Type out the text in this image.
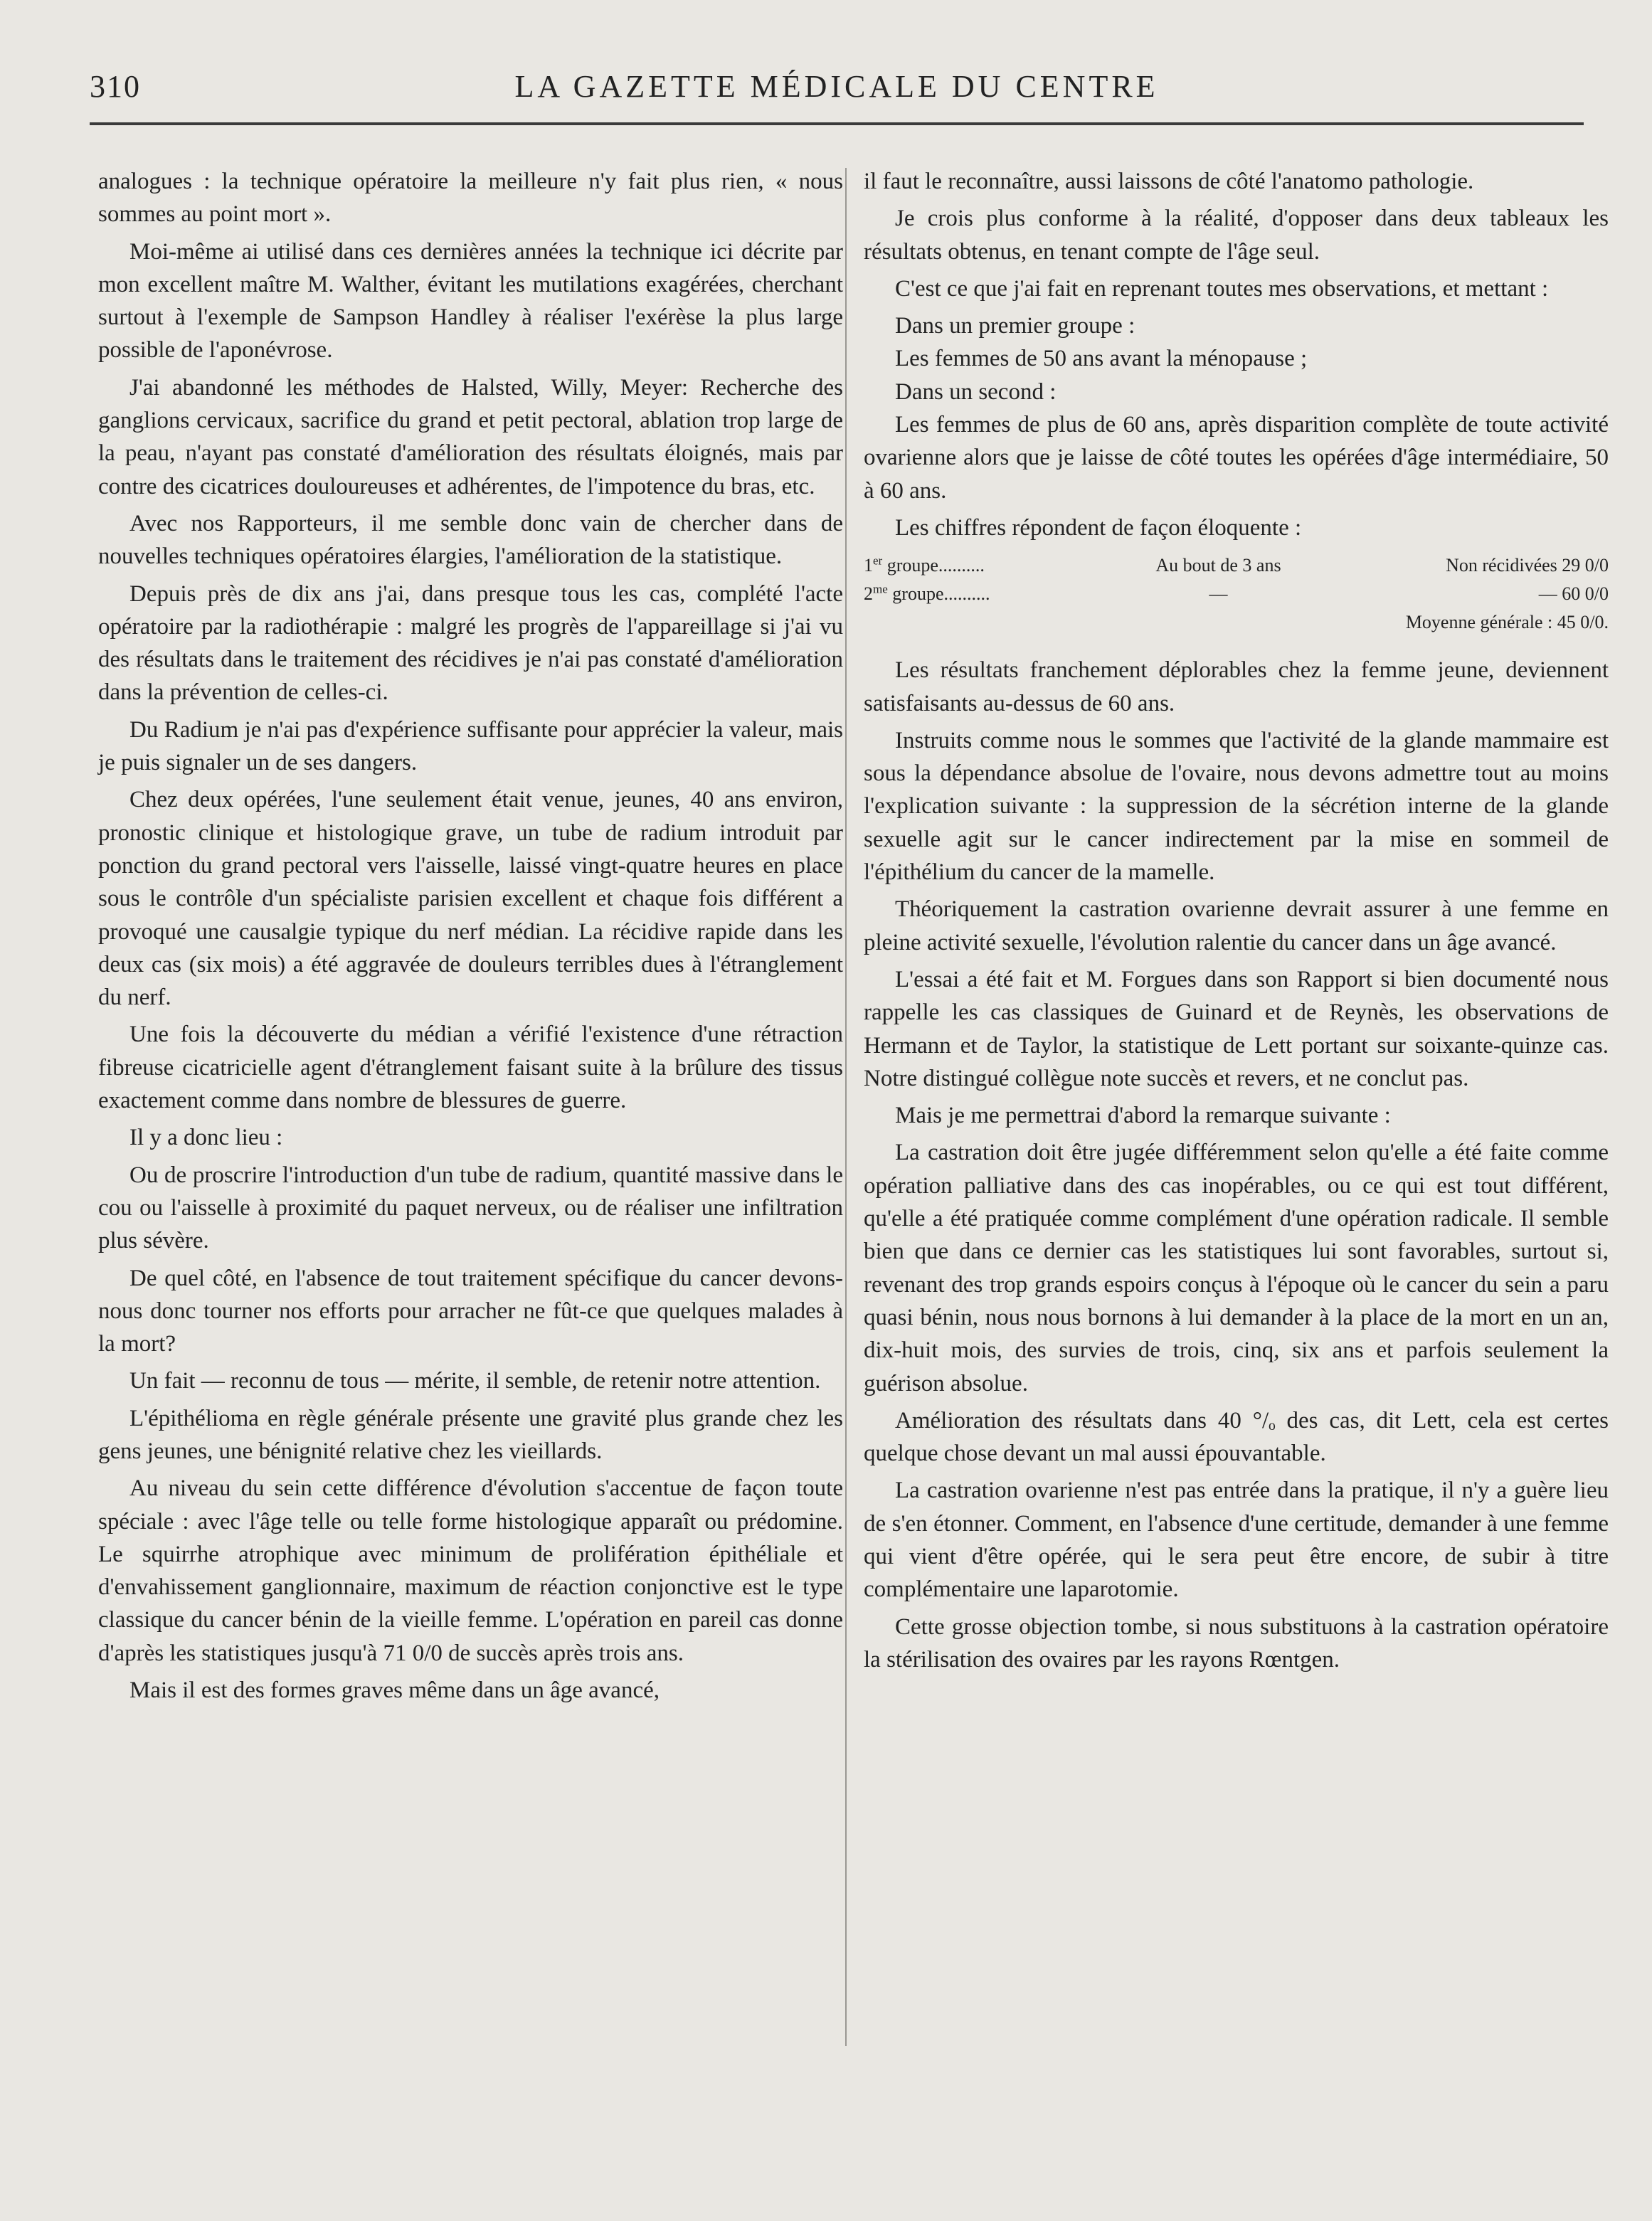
310	LA GAZETTE MÉDICALE DU CENTRE

analogues : la technique opératoire la meilleure n'y fait plus rien, « nous sommes au point mort ».

Moi-même ai utilisé dans ces dernières années la technique ici décrite par mon excellent maître M. Walther, évitant les mutilations exagérées, cherchant surtout à l'exemple de Sampson Handley à réaliser l'exérèse la plus large possible de l'aponévrose.

J'ai abandonné les méthodes de Halsted, Willy, Meyer: Recherche des ganglions cervicaux, sacrifice du grand et petit pectoral, ablation trop large de la peau, n'ayant pas constaté d'amélioration des résultats éloignés, mais par contre des cicatrices douloureuses et adhérentes, de l'impotence du bras, etc.

Avec nos Rapporteurs, il me semble donc vain de chercher dans de nouvelles techniques opératoires élargies, l'amélioration de la statistique.

Depuis près de dix ans j'ai, dans presque tous les cas, complété l'acte opératoire par la radiothérapie : malgré les progrès de l'appareillage si j'ai vu des résultats dans le traitement des récidives je n'ai pas constaté d'amélioration dans la prévention de celles-ci.

Du Radium je n'ai pas d'expérience suffisante pour apprécier la valeur, mais je puis signaler un de ses dangers.

Chez deux opérées, l'une seulement était venue, jeunes, 40 ans environ, pronostic clinique et histologique grave, un tube de radium introduit par ponction du grand pectoral vers l'aisselle, laissé vingt-quatre heures en place sous le contrôle d'un spécialiste parisien excellent et chaque fois différent a provoqué une causalgie typique du nerf médian. La récidive rapide dans les deux cas (six mois) a été aggravée de douleurs terribles dues à l'étranglement du nerf.

Une fois la découverte du médian a vérifié l'existence d'une rétraction fibreuse cicatricielle agent d'étranglement faisant suite à la brûlure des tissus exactement comme dans nombre de blessures de guerre.

Il y a donc lieu :

Ou de proscrire l'introduction d'un tube de radium, quantité massive dans le cou ou l'aisselle à proximité du paquet nerveux, ou de réaliser une infiltration plus sévère.

De quel côté, en l'absence de tout traitement spécifique du cancer devons-nous donc tourner nos efforts pour arracher ne fût-ce que quelques malades à la mort?

Un fait — reconnu de tous — mérite, il semble, de retenir notre attention.

L'épithélioma en règle générale présente une gravité plus grande chez les gens jeunes, une bénignité relative chez les vieillards.

Au niveau du sein cette différence d'évolution s'accentue de façon toute spéciale : avec l'âge telle ou telle forme histologique apparaît ou prédomine. Le squirrhe atrophique avec minimum de prolifération épithéliale et d'envahissement ganglionnaire, maximum de réaction conjonctive est le type classique du cancer bénin de la vieille femme. L'opération en pareil cas donne d'après les statistiques jusqu'à 71 0/0 de succès après trois ans.

Mais il est des formes graves même dans un âge avancé,

il faut le reconnaître, aussi laissons de côté l'anatomo pathologie.

Je crois plus conforme à la réalité, d'opposer dans deux tableaux les résultats obtenus, en tenant compte de l'âge seul.

C'est ce que j'ai fait en reprenant toutes mes observations, et mettant :

Dans un premier groupe :

Les femmes de 50 ans avant la ménopause ;

Dans un second :

Les femmes de plus de 60 ans, après disparition complète de toute activité ovarienne alors que je laisse de côté toutes les opérées d'âge intermédiaire, 50 à 60 ans.

Les chiffres répondent de façon éloquente :

1er groupe..........	Au bout de 3 ans	Non récidivées 29 0/0
$2^{me}$ groupe..........	—	— 60 0/0
Moyenne générale : 45 0/0.

Les résultats franchement déplorables chez la femme jeune, deviennent satisfaisants au-dessus de 60 ans.

Instruits comme nous le sommes que l'activité de la glande mammaire est sous la dépendance absolue de l'ovaire, nous devons admettre tout au moins l'explication suivante : la suppression de la sécrétion interne de la glande sexuelle agit sur le cancer indirectement par la mise en sommeil de l'épithélium du cancer de la mamelle.

Théoriquement la castration ovarienne devrait assurer à une femme en pleine activité sexuelle, l'évolution ralentie du cancer dans un âge avancé.

L'essai a été fait et M. Forgues dans son Rapport si bien documenté nous rappelle les cas classiques de Guinard et de Reynès, les observations de Hermann et de Taylor, la statistique de Lett portant sur soixante-quinze cas. Notre distingué collègue note succès et revers, et ne conclut pas.

Mais je me permettrai d'abord la remarque suivante :

La castration doit être jugée différemment selon qu'elle a été faite comme opération palliative dans des cas inopérables, ou ce qui est tout différent, qu'elle a été pratiquée comme complément d'une opération radicale. Il semble bien que dans ce dernier cas les statistiques lui sont favorables, surtout si, revenant des trop grands espoirs conçus à l'époque où le cancer du sein a paru quasi bénin, nous nous bornons à lui demander à la place de la mort en un an, dix-huit mois, des survies de trois, cinq, six ans et parfois seulement la guérison absolue.

Amélioration des résultats dans 40 °/ₒ des cas, dit Lett, cela est certes quelque chose devant un mal aussi épouvantable.

La castration ovarienne n'est pas entrée dans la pratique, il n'y a guère lieu de s'en étonner. Comment, en l'absence d'une certitude, demander à une femme qui vient d'être opérée, qui le sera peut être encore, de subir à titre complémentaire une laparotomie.

Cette grosse objection tombe, si nous substituons à la castration opératoire la stérilisation des ovaires par les rayons Rœntgen.
